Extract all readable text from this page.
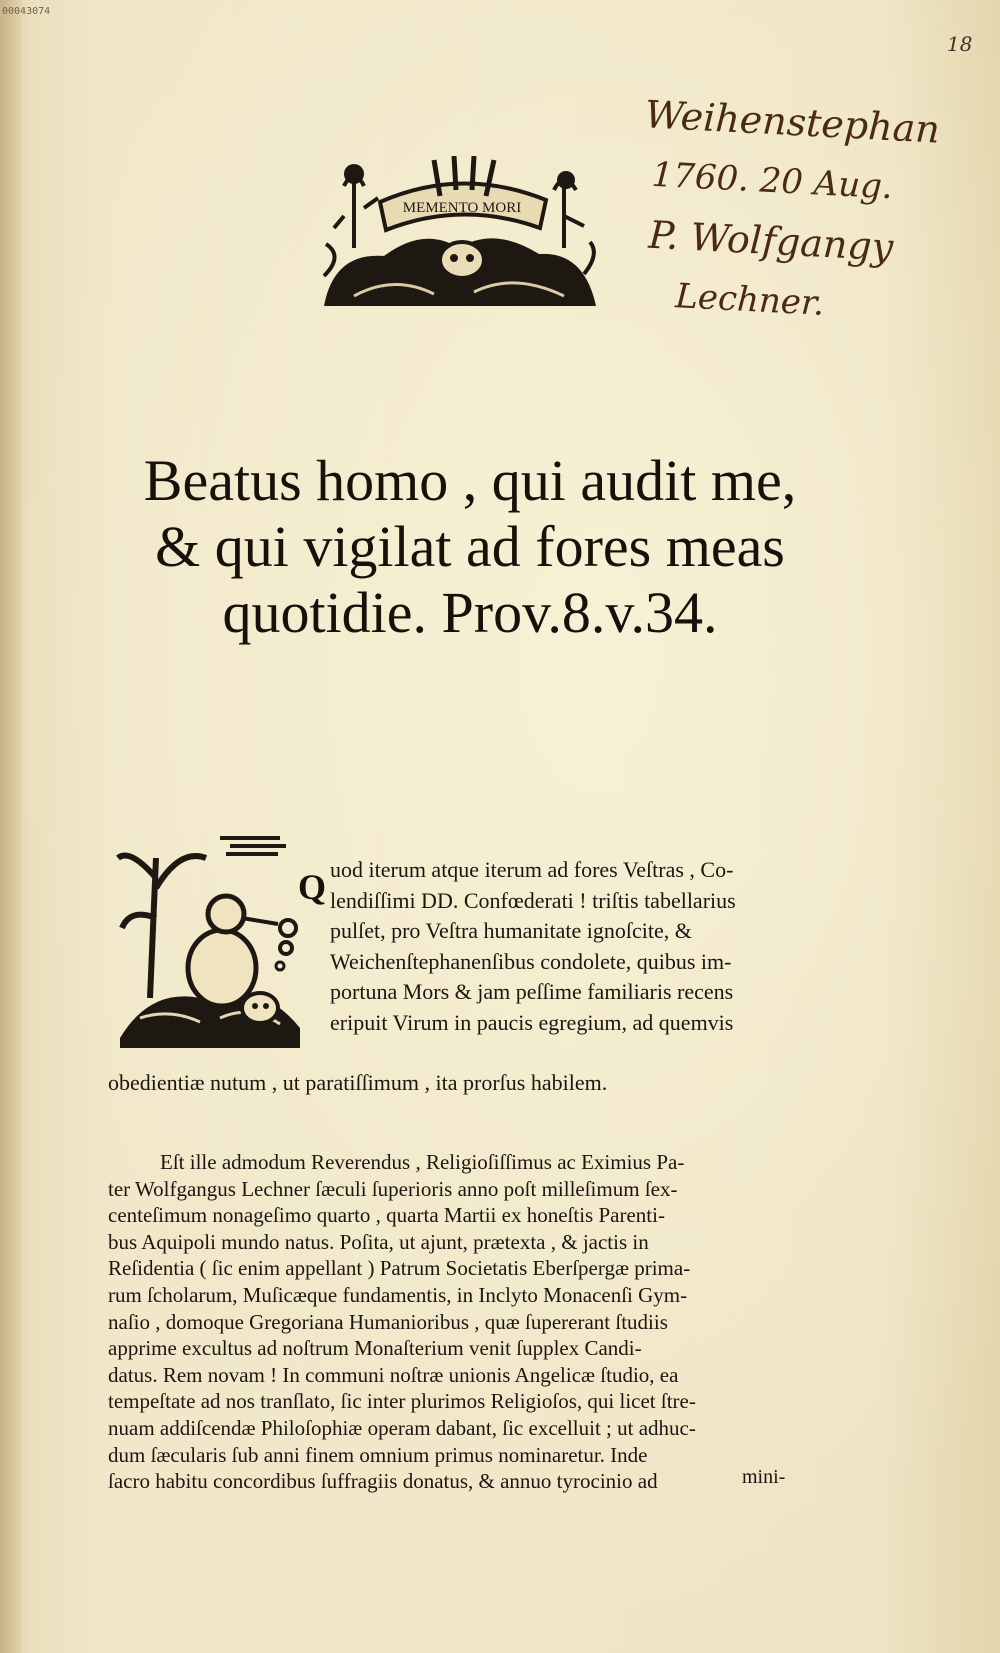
00043074
18
Weihenstephan
1760. 20 Aug.
P. Wolfgangy
Lechner.
MEMENTO MORI
Beatus homo , qui audit me,
& qui vigilat ad fores meas
quotidie. Prov.8.v.34.
Q uod iterum atque iterum ad fores Veſtras , Co-
lendiſſimi DD. Confœderati ! triſtis tabellarius
pulſet, pro Veſtra humanitate ignoſcite, &
Weichenſtephanenſibus condolete, quibus im-
portuna Mors & jam peſſime familiaris recens
eripuit Virum in paucis egregium, ad quemvis
obedientiæ nutum , ut paratiſſimum , ita prorſus habilem.
Eſt ille admodum Reverendus , Religioſiſſimus ac Eximius Pa-
ter Wolfgangus Lechner ſæculi ſuperioris anno poſt milleſimum ſex-
centeſimum nonageſimo quarto , quarta Martii ex honeſtis Parenti-
bus Aquipoli mundo natus. Poſita, ut ajunt, prætexta , & jactis in
Reſidentia ( ſic enim appellant ) Patrum Societatis Eberſpergæ prima-
rum ſcholarum, Muſicæque fundamentis, in Inclyto Monacenſi Gym-
naſio , domoque Gregoriana Humanioribus , quæ ſupererant ſtudiis
apprime excultus ad noſtrum Monaſterium venit ſupplex Candi-
datus. Rem novam ! In communi noſtræ unionis Angelicæ ſtudio, ea
tempeſtate ad nos tranſlato, ſic inter plurimos Religioſos, qui licet ſtre-
nuam addiſcendæ Philoſophiæ operam dabant, ſic excelluit ; ut adhuc-
dum ſæcularis ſub anni finem omnium primus nominaretur. Inde
ſacro habitu concordibus ſuffragiis donatus, & annuo tyrocinio ad	mini-
